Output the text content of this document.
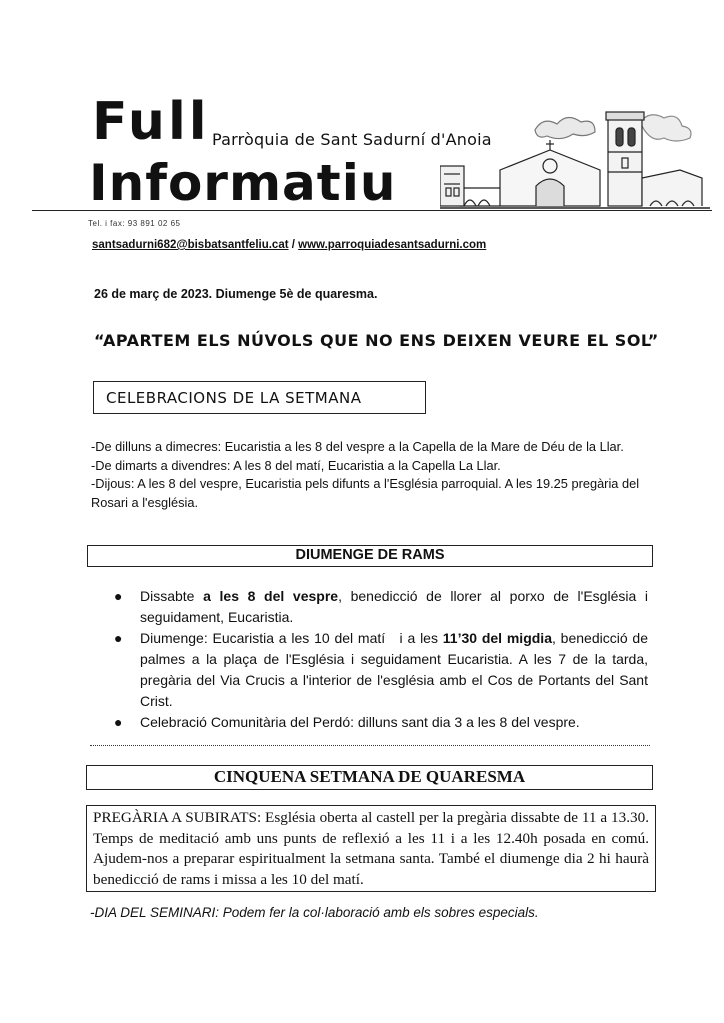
Full
Informatiu
Parròquia de Sant Sadurní d'Anoia
Tel. i fax: 93 891 02 65
santsadurni682@bisbatsantfeliu.cat / www.parroquiadesantsadurni.com
26 de març de 2023. Diumenge 5è de quaresma.
“APARTEM ELS NÚVOLS QUE NO ENS DEIXEN VEURE EL SOL”
CELEBRACIONS DE LA SETMANA

-De dilluns a dimecres: Eucaristia a les 8 del vespre a la Capella de la Mare de Déu de la Llar.

-De dimarts a divendres: A les 8 del matí, Eucaristia a la Capella La Llar.

-Dijous: A les 8 del vespre, Eucaristia pels difunts a l'Església parroquial. A les 19.25 pregària del Rosari a l'església.

DIUMENGE DE RAMS
● Dissabte a les 8 del vespre, benedicció de llorer al porxo de l'Església i seguidament, Eucaristia.
● Diumenge: Eucaristia a les 10 del matí   i a les 11’30 del migdia, benedicció de palmes a la plaça de l'Església i seguidament Eucaristia. A les 7 de la tarda, pregària del Via Crucis a l'interior de l'església amb el Cos de Portants del Sant Crist.
● Celebració Comunitària del Perdó: dilluns sant dia 3 a les 8 del vespre.
CINQUENA SETMANA DE QUARESMA
PREGÀRIA A SUBIRATS: Església oberta al castell per la pregària dissabte de 11 a 13.30. Temps de meditació amb uns punts de reflexió a les 11 i a les 12.40h posada en comú. Ajudem-nos a preparar espiritualment la setmana santa. També el diumenge dia 2 hi haurà benedicció de rams i missa a les 10 del matí.
-DIA DEL SEMINARI: Podem fer la col·laboració amb els sobres especials.
